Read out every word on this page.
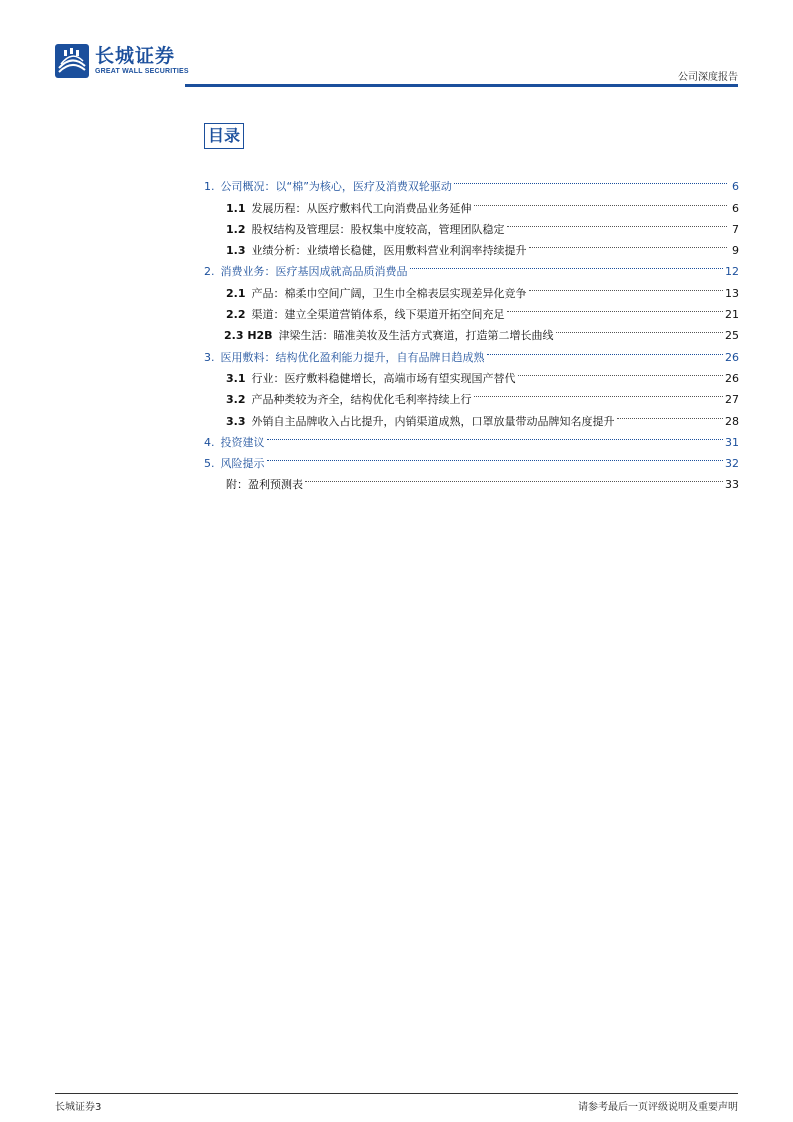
长城证券
GREAT WALL SECURITIES
公司深度报告
目录
1. 公司概况：以“棉”为核心，医疗及消费双轮驱动	6
1.1 发展历程：从医疗敷料代工向消费品业务延伸	6
1.2 股权结构及管理层：股权集中度较高，管理团队稳定	7
1.3 业绩分析：业绩增长稳健，医用敷料营业利润率持续提升	9
2. 消费业务：医疗基因成就高品质消费品	12
2.1 产品：棉柔巾空间广阔，卫生巾全棉表层实现差异化竞争	13
2.2 渠道：建立全渠道营销体系，线下渠道开拓空间充足	21
2.3 H2B 津梁生活：瞄准美妆及生活方式赛道，打造第二增长曲线	25
3. 医用敷料：结构优化盈利能力提升，自有品牌日趋成熟	26
3.1 行业：医疗敷料稳健增长，高端市场有望实现国产替代	26
3.2 产品种类较为齐全，结构优化毛利率持续上行	27
3.3 外销自主品牌收入占比提升，内销渠道成熟，口罩放量带动品牌知名度提升	28
4. 投资建议	31
5. 风险提示	32
附：盈利预测表	33
长城证券3	请参考最后一页评级说明及重要声明
